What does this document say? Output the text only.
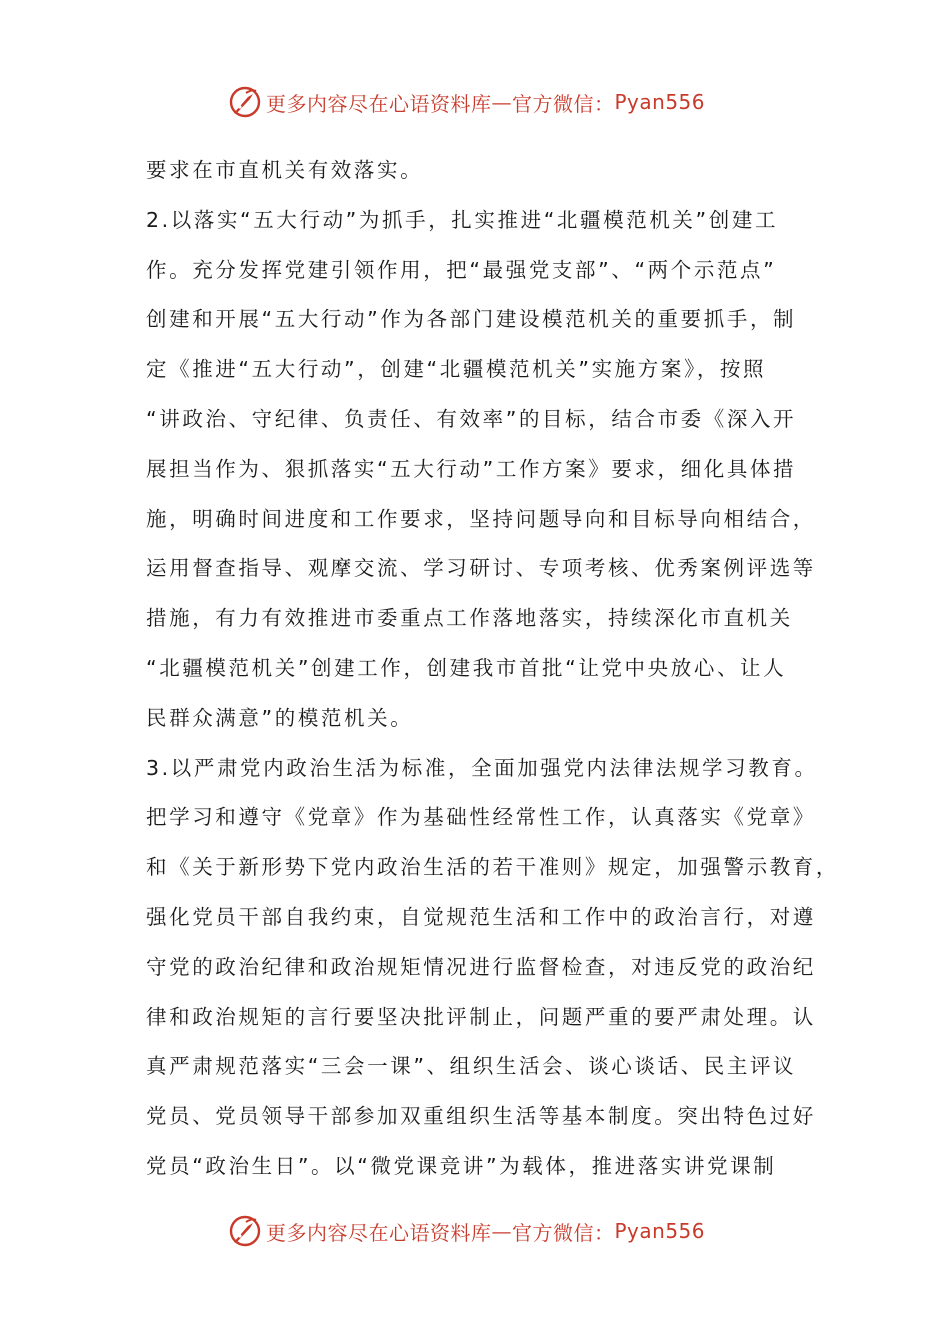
更多内容尽在心语资料库 — 官方微信： Pyan556
要求在市直机关有效落实。
2.以落实“五大行动”为抓手，扎实推进“北疆模范机关”创建工
作。充分发挥党建引领作用，把“最强党支部”、“两个示范点”
创建和开展“五大行动”作为各部门建设模范机关的重要抓手，制
定《推进“五大行动”，创建“北疆模范机关”实施方案》，按照
“讲政治、守纪律、负责任、有效率”的目标，结合市委《深入开
展担当作为、狠抓落实“五大行动”工作方案》要求，细化具体措
施，明确时间进度和工作要求，坚持问题导向和目标导向相结合，
运用督查指导、观摩交流、学习研讨、专项考核、优秀案例评选等
措施，有力有效推进市委重点工作落地落实，持续深化市直机关
“北疆模范机关”创建工作，创建我市首批“让党中央放心、让人
民群众满意”的模范机关。
3.以严肃党内政治生活为标准，全面加强党内法律法规学习教育。
把学习和遵守《党章》作为基础性经常性工作，认真落实《党章》
和《关于新形势下党内政治生活的若干准则》规定，加强警示教育，
强化党员干部自我约束，自觉规范生活和工作中的政治言行，对遵
守党的政治纪律和政治规矩情况进行监督检查，对违反党的政治纪
律和政治规矩的言行要坚决批评制止，问题严重的要严肃处理。认
真严肃规范落实“三会一课”、组织生活会、谈心谈话、民主评议
党员、党员领导干部参加双重组织生活等基本制度。突出特色过好
党员“政治生日”。以“微党课竞讲”为载体，推进落实讲党课制
更多内容尽在心语资料库 — 官方微信： Pyan556
